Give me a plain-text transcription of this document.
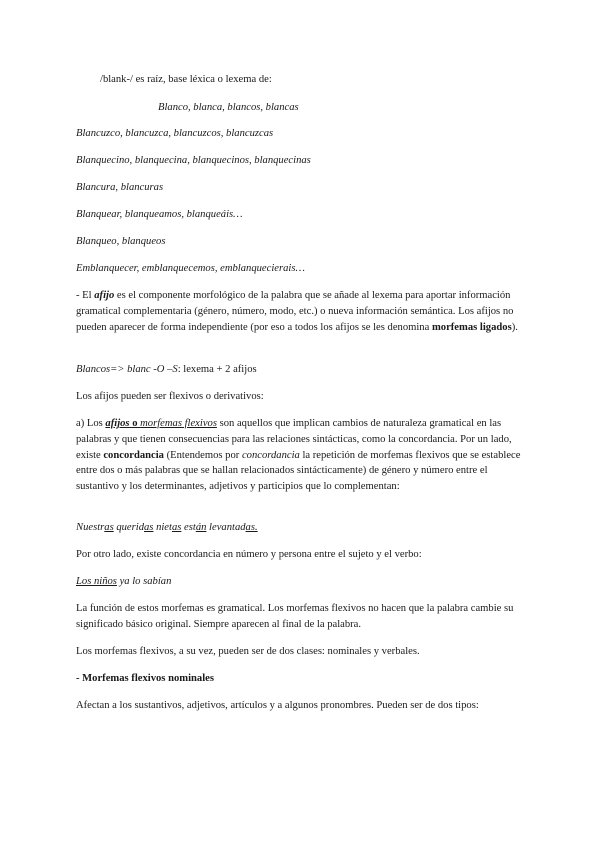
/blank-/ es raíz, base léxica o lexema de:

Blanco, blanca, blancos, blancas

Blancuzco, blancuzca, blancuzcos, blancuzcas

Blanquecino, blanquecina, blanquecinos, blanquecinas

Blancura, blancuras

Blanquear, blanqueamos, blanqueáis…

Blanqueo, blanqueos

Emblanquecer, emblanquecemos, emblanquecierais…

- El afijo es el componente morfológico de la palabra que se añade al lexema para aportar información gramatical complementaria (género, número, modo, etc.) o nueva información semántica. Los afijos no pueden aparecer de forma independiente (por eso a todos los afijos se les denomina morfemas ligados).

Blancos=> blanc -O –S: lexema + 2 afijos

Los afijos pueden ser flexivos o derivativos:

a) Los afijos o morfemas flexivos son aquellos que implican cambios de naturaleza gramatical en las palabras y que tienen consecuencias para las relaciones sintácticas, como la concordancia. Por un lado, existe concordancia (Entendemos por concordancia la repetición de morfemas flexivos que se establece entre dos o más palabras que se hallan relacionados sintácticamente) de género y número entre el sustantivo y los determinantes, adjetivos y participios que lo complementan:

Nuestras queridas nietas están levantadas.

Por otro lado, existe concordancia en número y persona entre el sujeto y el verbo:

Los niños ya lo sabían

La función de estos morfemas es gramatical. Los morfemas flexivos no hacen que la palabra cambie su significado básico original. Siempre aparecen al final de la palabra.

Los morfemas flexivos, a su vez, pueden ser de dos clases: nominales y verbales.

- Morfemas flexivos nominales

Afectan a los sustantivos, adjetivos, artículos y a algunos pronombres. Pueden ser de dos tipos:
